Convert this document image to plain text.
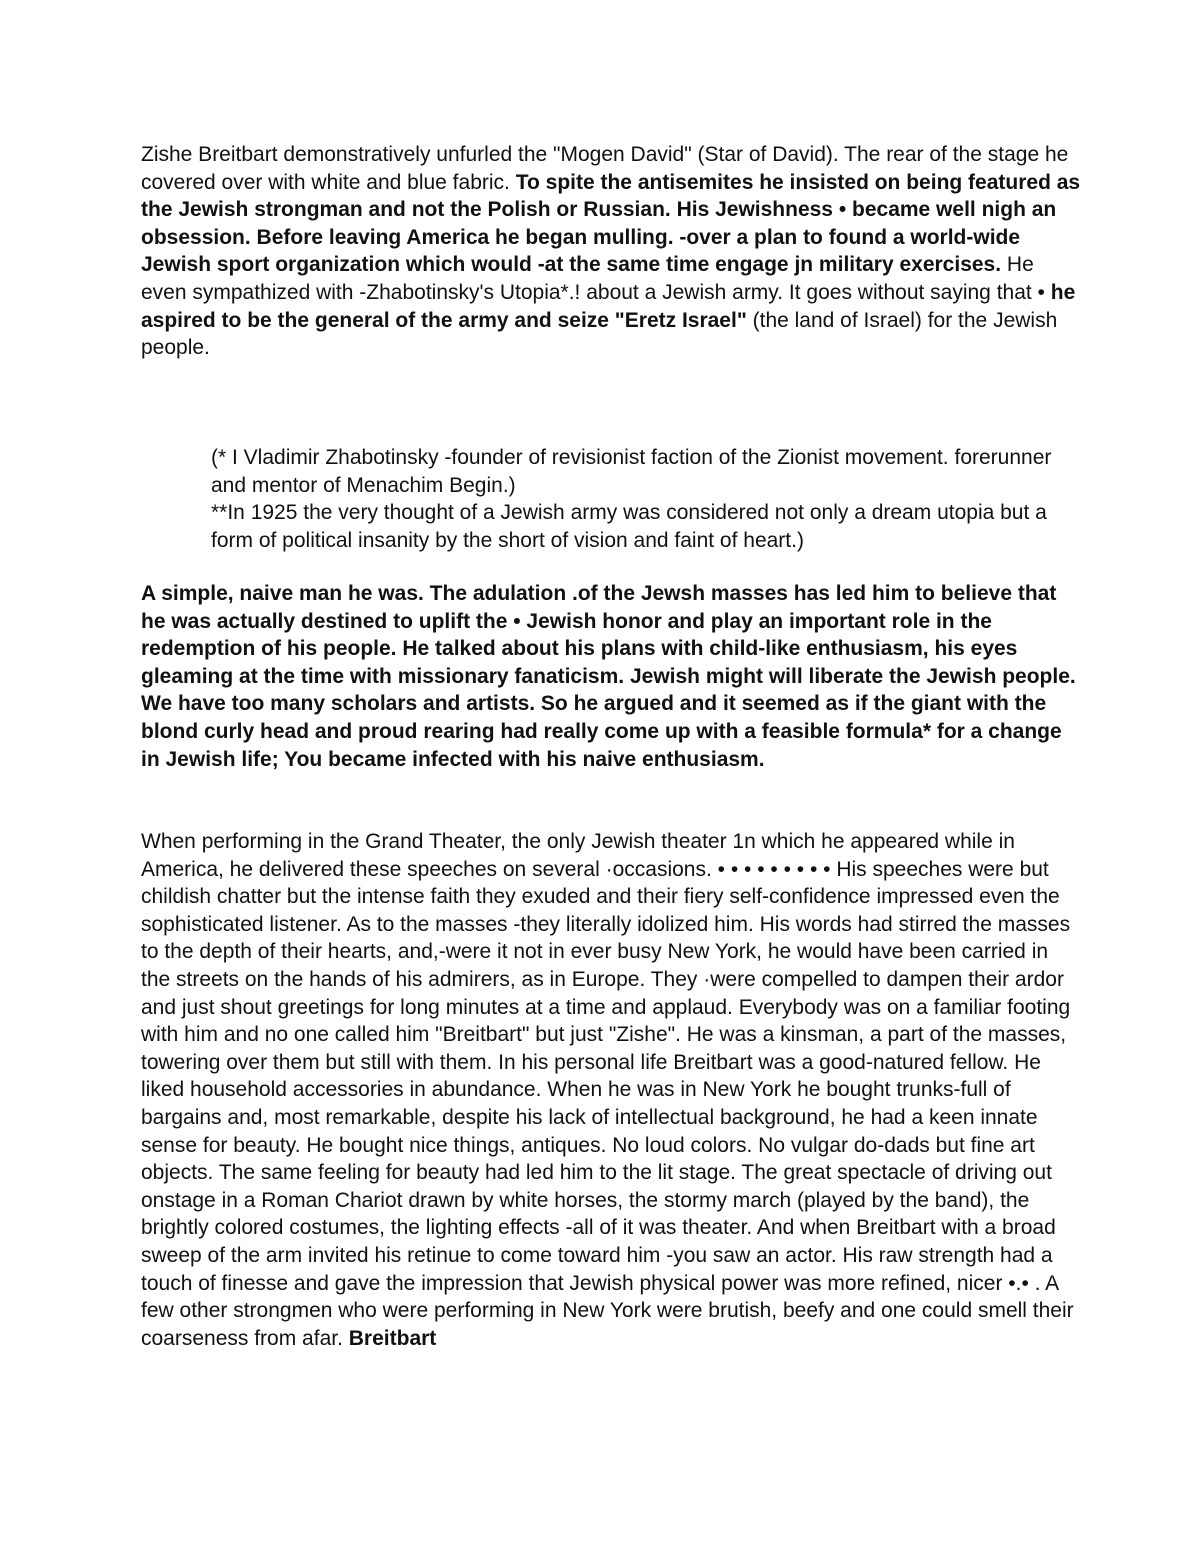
Zishe Breitbart demonstratively unfurled the "Mogen David" (Star of David). The rear of the stage he covered over with white and blue fabric. To spite the antisemites he insisted on being featured as the Jewish strongman and not the Polish or Russian. His Jewishness • became well nigh an obsession. Before leaving America he began mulling. -over a plan to found a world-wide Jewish sport organization which would -at the same time engage jn military exercises. He even sympathized with -Zhabotinsky's Utopia*.! about a Jewish army. It goes without saying that • he aspired to be the general of the army and seize "Eretz Israel" (the land of Israel) for the Jewish people.

(* I Vladimir Zhabotinsky -founder of revisionist faction of the Zionist movement. forerunner and mentor of Menachim Begin.)

**In 1925 the very thought of a Jewish army was considered not only a dream utopia but a form of political insanity by the short of vision and faint of heart.)

A simple, naive man he was. The adulation .of the Jewsh masses has led him to believe that he was actually destined to uplift the • Jewish honor and play an important role in the redemption of his people. He talked about his plans with child-like enthusiasm, his eyes gleaming at the time with missionary fanaticism. Jewish might will liberate the Jewish people. We have too many scholars and artists. So he argued and it seemed as if the giant with the blond curly head and proud rearing had really come up with a feasible formula* for a change in Jewish life; You became infected with his naive enthusiasm.

When performing in the Grand Theater, the only Jewish theater 1n which he appeared while in America, he delivered these speeches on several ·occasions. • • • • • • • • • His speeches were but childish chatter but the intense faith they exuded and their fiery self-confidence impressed even the sophisticated listener. As to the masses -they literally idolized him. His words had stirred the masses to the depth of their hearts, and,-were it not in ever busy New York, he would have been carried in the streets on the hands of his admirers, as in Europe. They ·were compelled to dampen their ardor and just shout greetings for long minutes at a time and applaud. Everybody was on a familiar footing with him and no one called him "Breitbart" but just "Zishe". He was a kinsman, a part of the masses, towering over them but still with them. In his personal life Breitbart was a good-natured fellow. He liked household accessories in abundance. When he was in New York he bought trunks-full of bargains and, most remarkable, despite his lack of intellectual background, he had a keen innate sense for beauty. He bought nice things, antiques. No loud colors. No vulgar do-dads but fine art objects. The same feeling for beauty had led him to the lit stage. The great spectacle of driving out onstage in a Roman Chariot drawn by white horses, the stormy march (played by the band), the brightly colored costumes, the lighting effects -all of it was theater. And when Breitbart with a broad sweep of the arm invited his retinue to come toward him -you saw an actor. His raw strength had a touch of finesse and gave the impression that Jewish physical power was more refined, nicer •.• . A few other strongmen who were performing in New York were brutish, beefy and one could smell their coarseness from afar. Breitbart
